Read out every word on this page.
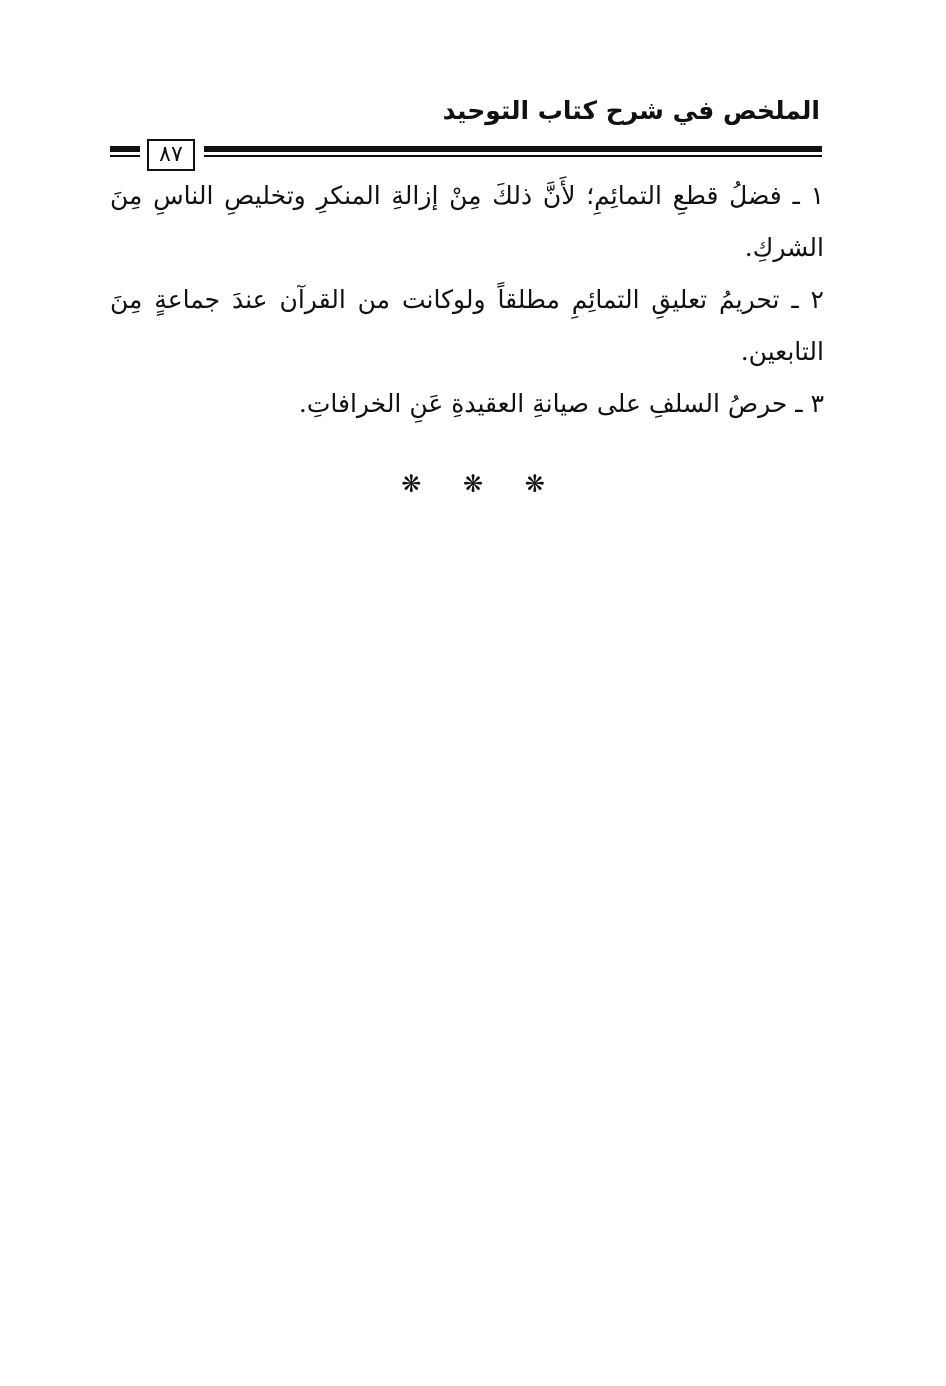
الملخص في شرح كتاب التوحيد
٨٧

١ ـ فضلُ قطعِ التمائِمِ؛ لأَنَّ ذلكَ مِنْ إزالةِ المنكرِ وتخليصِ الناسِ مِنَ الشركِ.

٢ ـ تحريمُ تعليقِ التمائِمِ مطلقاً ولوكانت من القرآن عندَ جماعةٍ مِنَ التابعين.

٣ ـ حرصُ السلفِ على صيانةِ العقيدةِ عَنِ الخرافاتِ.

❋ ❋ ❋
